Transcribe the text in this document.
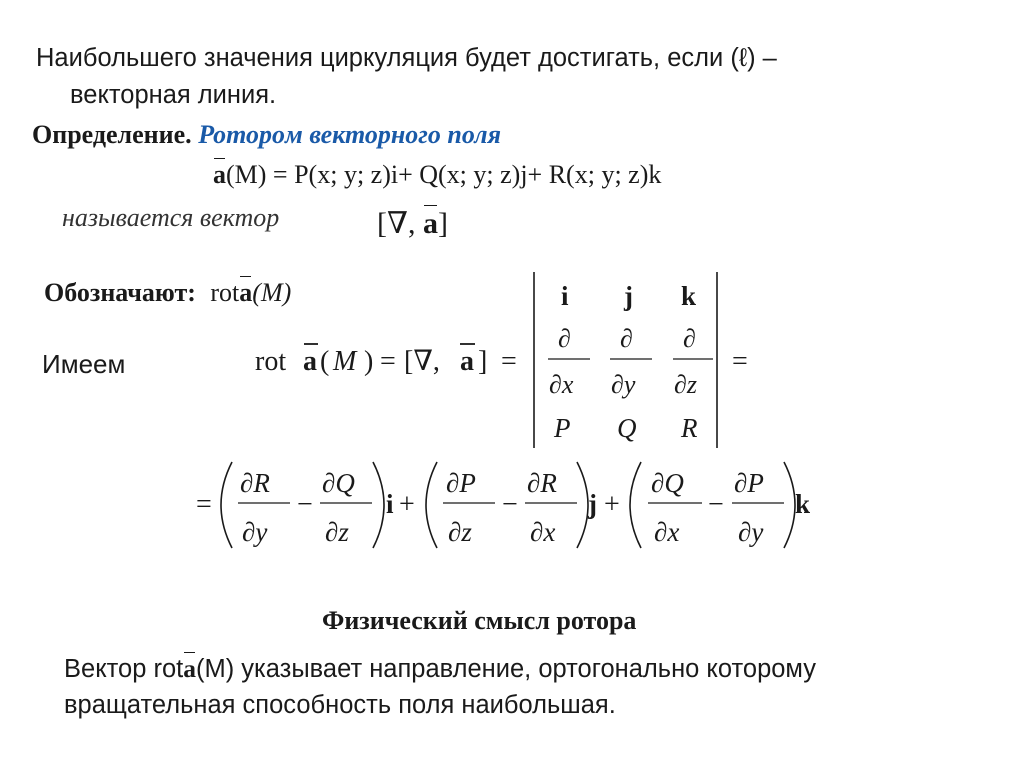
Наибольшего значения циркуляция будет достигать, если (ℓ) –
векторная линия.
Определение. Роторoм векторного поля
a(M) = P(x; y; z)i+ Q(x; y; z)j+ R(x; y; z)k
называется вектор	[∇, a]
Обозначают: rota(M)
Имеем	rot a ( M ) = [∇, a ] =
i j k
∂
∂x
∂
∂y
∂
∂z
P Q R
=
=
∂R
∂y
−
∂Q
∂z
i +
∂P
∂z
−
∂R
∂x
j +
∂Q
∂x
−
∂P
∂y
k
Физический смысл ротора
Вектор rota(M) указывает направление, ортогонально которому
вращательная способность поля наибольшая.
